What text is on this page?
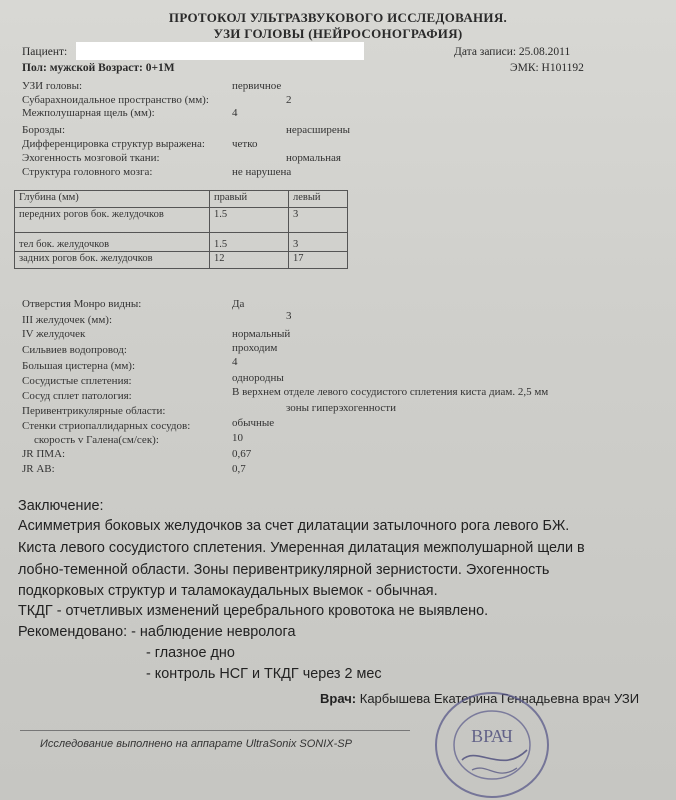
ПРОТОКОЛ УЛЬТРАЗВУКОВОГО ИССЛЕДОВАНИЯ.
УЗИ ГОЛОВЫ (НЕЙРОСОНОГРАФИЯ)
Пациент:	Дата записи: 25.08.2011
Пол: мужской Возраст: 0+1М	ЭМК: H101192
УЗИ головы:	первичное
Субарахноидальное пространство (мм):	2
Межполушарная щель (мм):	4
Борозды:	нерасширены
Дифференцировка структур выражена: четко
Эхогенность мозговой ткани:	нормальная
Структура головного мозга:	не нарушена
Глубина (мм)	правый	левый
передних рогов бок. желудочков	1.5	3
тел бок. желудочков	1.5	3
задних рогов бок. желудочков	12	17
Отверстия Монро видны:	Да
III желудочек (мм):	3
IV желудочек	нормальный
Сильвиев водопровод:	проходим
Большая цистерна (мм):	4
Сосудистые сплетения:	однородны
Сосуд сплет патология:	В верхнем отделе левого сосудистого сплетения киста диам. 2,5 мм
Перивентрикулярные области:	зоны гиперэхогенности
Стенки стриопаллидарных сосудов:	обычные
скорость v Галена(см/сек):	10
JR ПМА:	0,67
JR АВ:	0,7
Заключение:
Асимметрия боковых желудочков за счет дилатации затылочного рога левого БЖ.
Киста левого сосудистого сплетения. Умеренная дилатация межполушарной щели в
лобно-теменной области. Зоны перивентрикулярной зернистости. Эхогенность
подкорковых структур и таламокаудальных выемок - обычная.
ТКДГ - отчетливых изменений церебрального кровотока не выявлено.
Рекомендовано: - наблюдение невролога
- глазное дно
- контроль НСГ и ТКДГ через 2 мес
Врач: Карбышева Екатерина Геннадьевна врач УЗИ
Исследование выполнено на аппарате UltraSonix SONIX-SP	ВРАЧ
